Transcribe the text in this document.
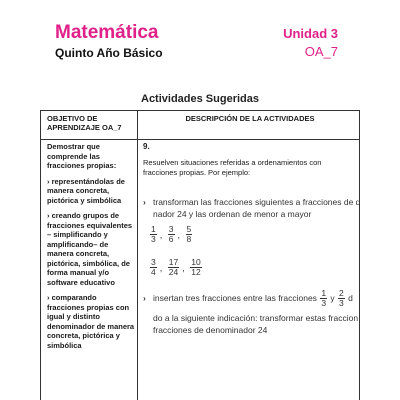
Matemática
Quinto Año Básico
Unidad 3
OA_7
Actividades Sugeridas
OBJETIVO DE APRENDIZAJE OA_7
DESCRIPCIÓN DE LA ACTIVIDADES

Demostrar que comprende las fracciones propias:

› representándolas de manera concreta, pictórica y simbólica

› creando grupos de fracciones equivalentes – simplificando y amplificando– de manera concreta, pictórica, simbólica, de forma manual y/o software educativo

› comparando fracciones propias con igual y distinto denominador de manera concreta, pictórica y simbólica

9.
Resuelven situaciones referidas a ordenamientos con fracciones propias. Por ejemplo:
› transforman las fracciones siguientes a fracciones de d
nador 24 y las ordenan de menor a mayor
$\frac{1}{3}$ , $\frac{3}{6}$ , $\frac{5}{8}$
$\frac{3}{4}$ , $\frac{17}{24}$ , $\frac{10}{12}$
› insertan tres fracciones entre las fracciones $\frac{1}{3}$ y $\frac{2}{3}$ d
do a la siguiente indicación: transformar estas fraccion
fracciones de denominador 24
